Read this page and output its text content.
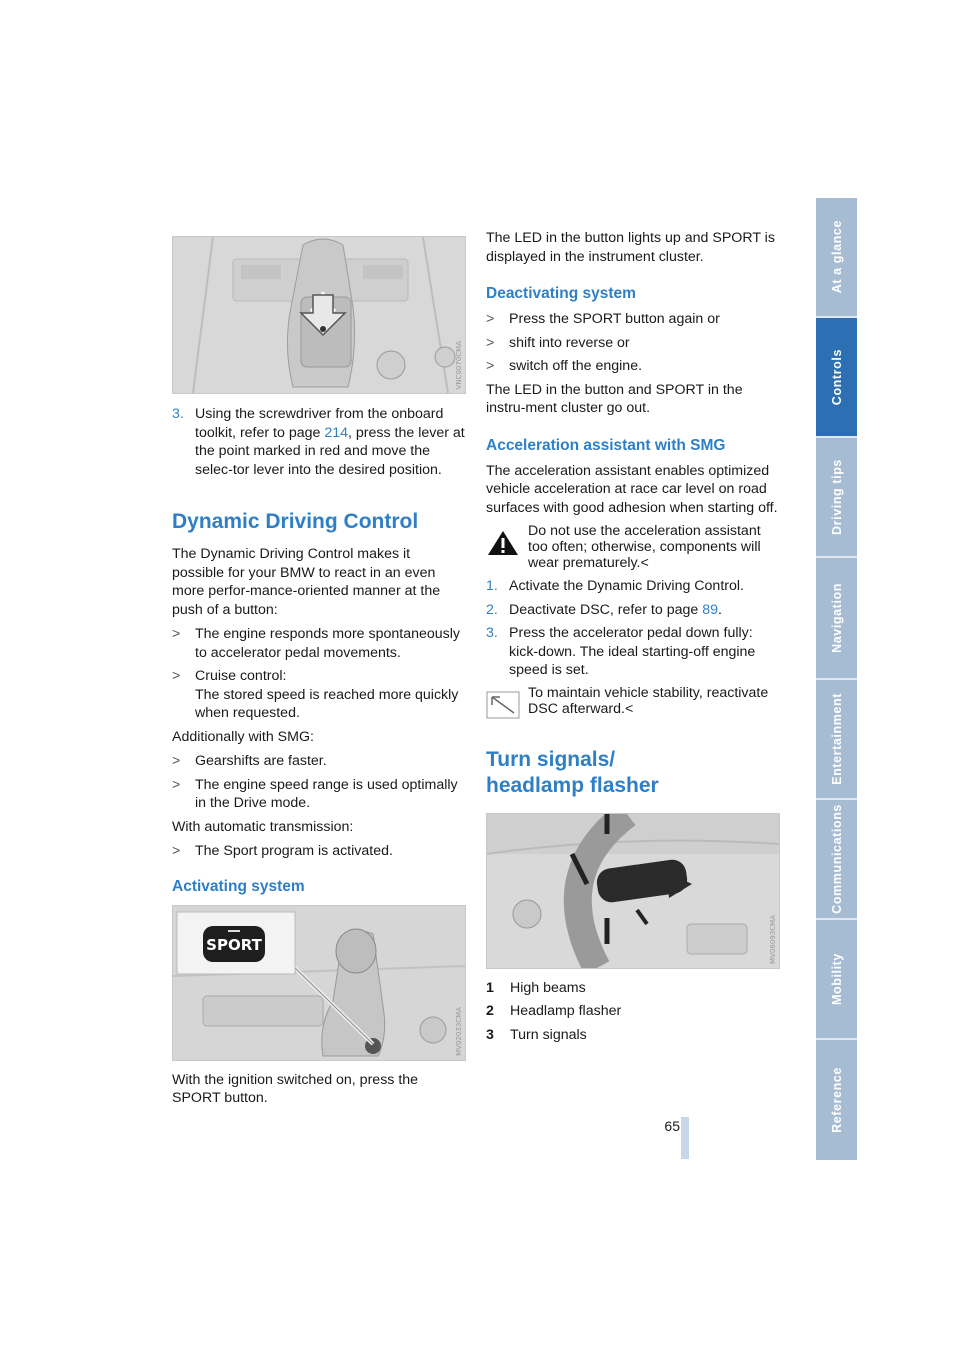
At a glance
Controls
Driving tips
Navigation
Entertainment
Communications
Mobility
Reference
VNC0070CMA
3. Using the screwdriver from the onboard toolkit, refer to page 214, press the lever at the point marked in red and move the selec-tor lever into the desired position.
Dynamic Driving Control

The Dynamic Driving Control makes it possible for your BMW to react in an even more perfor-mance-oriented manner at the push of a button:

> The engine responds more spontaneously to accelerator pedal movements.
> Cruise control:
The stored speed is reached more quickly when requested.

Additionally with SMG:

> Gearshifts are faster.
> The engine speed range is used optimally in the Drive mode.

With automatic transmission:

> The Sport program is activated.
Activating system
SPORT
MV02033CMA

With the ignition switched on, press the SPORT button.

The LED in the button lights up and SPORT is displayed in the instrument cluster.

Deactivating system
> Press the SPORT button again or
> shift into reverse or
> switch off the engine.

The LED in the button and SPORT in the instru-ment cluster go out.

Acceleration assistant with SMG

The acceleration assistant enables optimized vehicle acceleration at race car level on road surfaces with good adhesion when starting off.

Do not use the acceleration assistant too often; otherwise, components will wear prematurely.<
1. Activate the Dynamic Driving Control.
2. Deactivate DSC, refer to page 89.
3. Press the accelerator pedal down fully: kick-down. The ideal starting-off engine speed is set.
To maintain vehicle stability, reactivate DSC afterward.<
Turn signals/
headlamp flasher
MV06093CMA
1 High beams
2 Headlamp flasher
3 Turn signals
65
